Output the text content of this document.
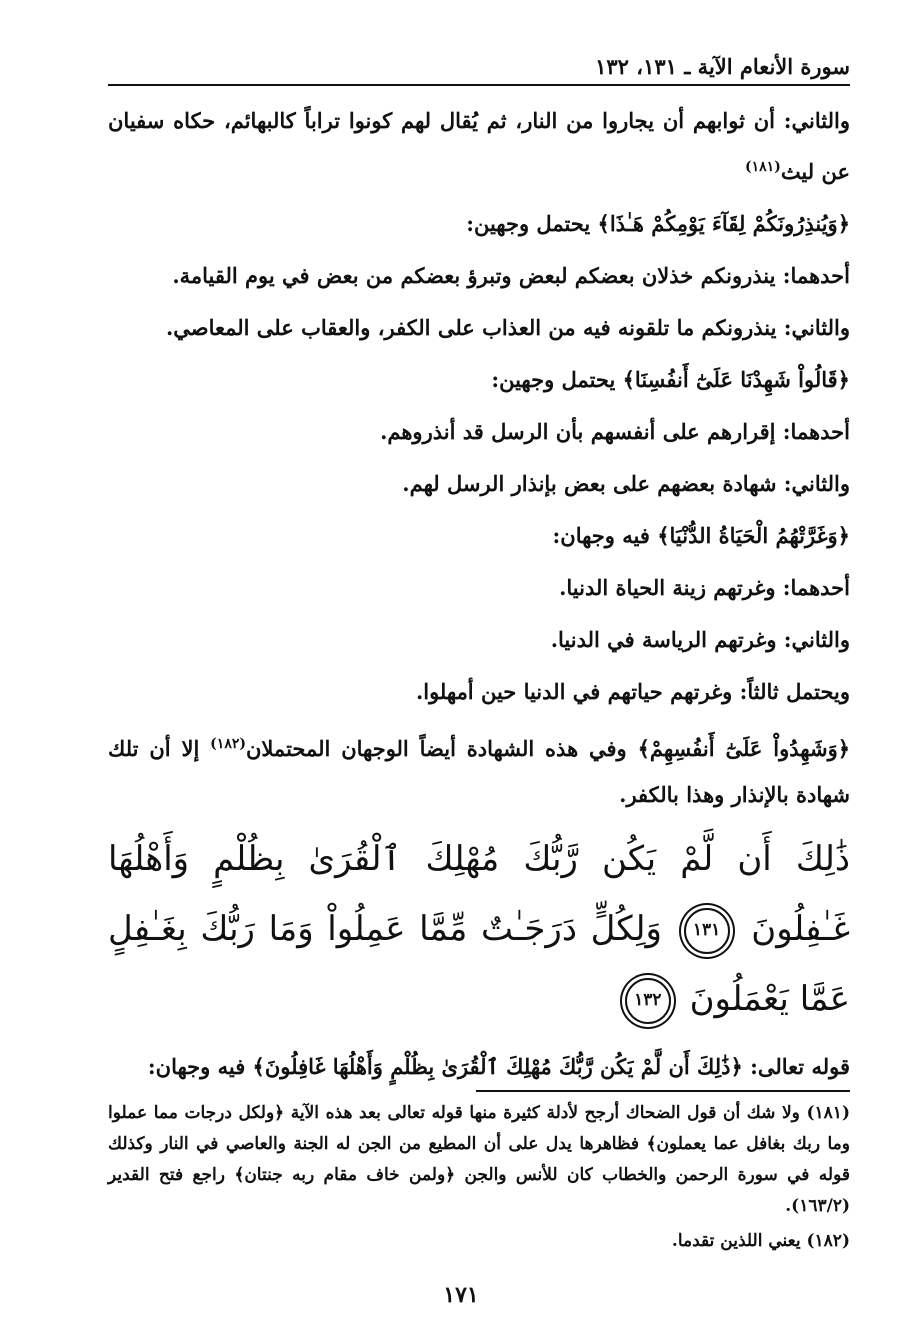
سورة الأنعام الآية ـ ١٣١، ١٣٢

والثاني: أن ثوابهم أن يجاروا من النار، ثم يُقال لهم كونوا تراباً كالبهائم، حكاه سفيان عن ليث$^{(١٨١)}$

﴿وَيُنذِرُونَكُمْ لِقَآءَ يَوْمِكُمْ هَـٰذَا﴾ يحتمل وجهين:

أحدهما: ينذرونكم خذلان بعضكم لبعض وتبرؤ بعضكم من بعض في يوم القيامة.

والثاني: ينذرونكم ما تلقونه فيه من العذاب على الكفر، والعقاب على المعاصي.

﴿قَالُواْ شَهِدْنَا عَلَىٰٓ أَنفُسِنَا﴾ يحتمل وجهين:

أحدهما: إقرارهم على أنفسهم بأن الرسل قد أنذروهم.

والثاني: شهادة بعضهم على بعض بإنذار الرسل لهم.

﴿وَغَرَّتْهُمُ الْحَيَاةُ الدُّنْيَا﴾ فيه وجهان:

أحدهما: وغرتهم زينة الحياة الدنيا.

والثاني: وغرتهم الرياسة في الدنيا.

ويحتمل ثالثاً: وغرتهم حياتهم في الدنيا حين أمهلوا.

﴿وَشَهِدُواْ عَلَىٰٓ أَنفُسِهِمْ﴾ وفي هذه الشهادة أيضاً الوجهان المحتملان$^{(١٨٢)}$ إلا أن تلك شهادة بالإنذار وهذا بالكفر.

ذَٰلِكَ أَن لَّمْ يَكُن رَّبُّكَ مُهْلِكَ ٱلْقُرَىٰ بِظُلْمٍ وَأَهْلُهَا غَـٰفِلُونَ ١٣١ وَلِكُلٍّ دَرَجَـٰتٌ مِّمَّا عَمِلُواْ وَمَا رَبُّكَ بِغَـٰفِلٍ عَمَّا يَعْمَلُونَ ١٣٢

قوله تعالى: ﴿ذَٰلِكَ أَن لَّمْ يَكُن رَّبُّكَ مُهْلِكَ ٱلْقُرَىٰ بِظُلْمٍ وَأَهْلُهَا غَافِلُونَ﴾ فيه وجهان:

(١٨١) ولا شك أن قول الضحاك أرجح لأدلة كثيرة منها قوله تعالى بعد هذه الآية ﴿ولكل درجات مما عملوا وما ربك بغافل عما يعملون﴾ فظاهرها يدل على أن المطيع من الجن له الجنة والعاصي في النار وكذلك قوله في سورة الرحمن والخطاب كان للأنس والجن ﴿ولمن خاف مقام ربه جنتان﴾ راجع فتح القدير (١٦٣/٢).

(١٨٢) يعني اللذين تقدما.

١٧١
